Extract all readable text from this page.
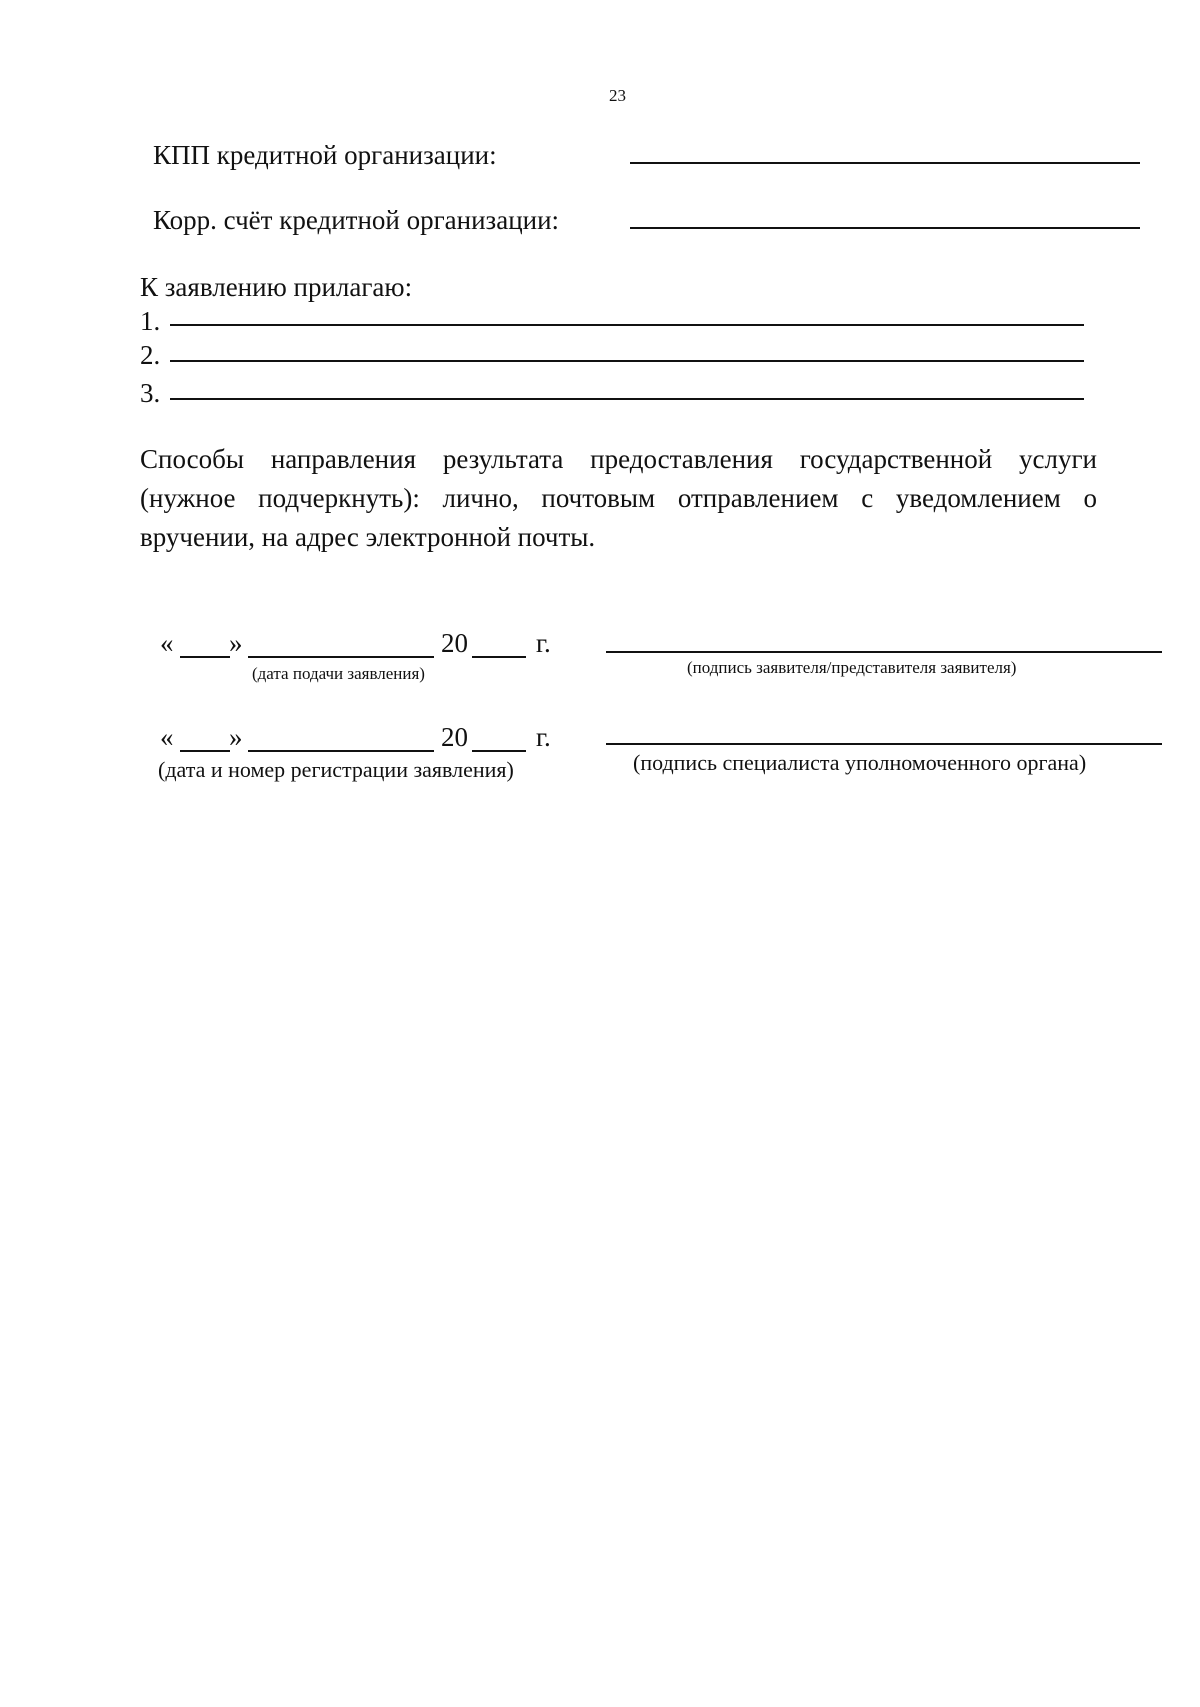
23
КПП кредитной организации:
Корр. счёт кредитной организации:
К заявлению прилагаю:
1.
2.
3.
Способы направления результата предоставления государственной услуги (нужное подчеркнуть): лично, почтовым отправлением с уведомлением о вручении, на адрес электронной почты.
« »	20	г.
(дата подачи заявления)	(подпись заявителя/представителя заявителя)
« »	20	г.
(дата и номер регистрации заявления)	(подпись специалиста уполномоченного органа)
